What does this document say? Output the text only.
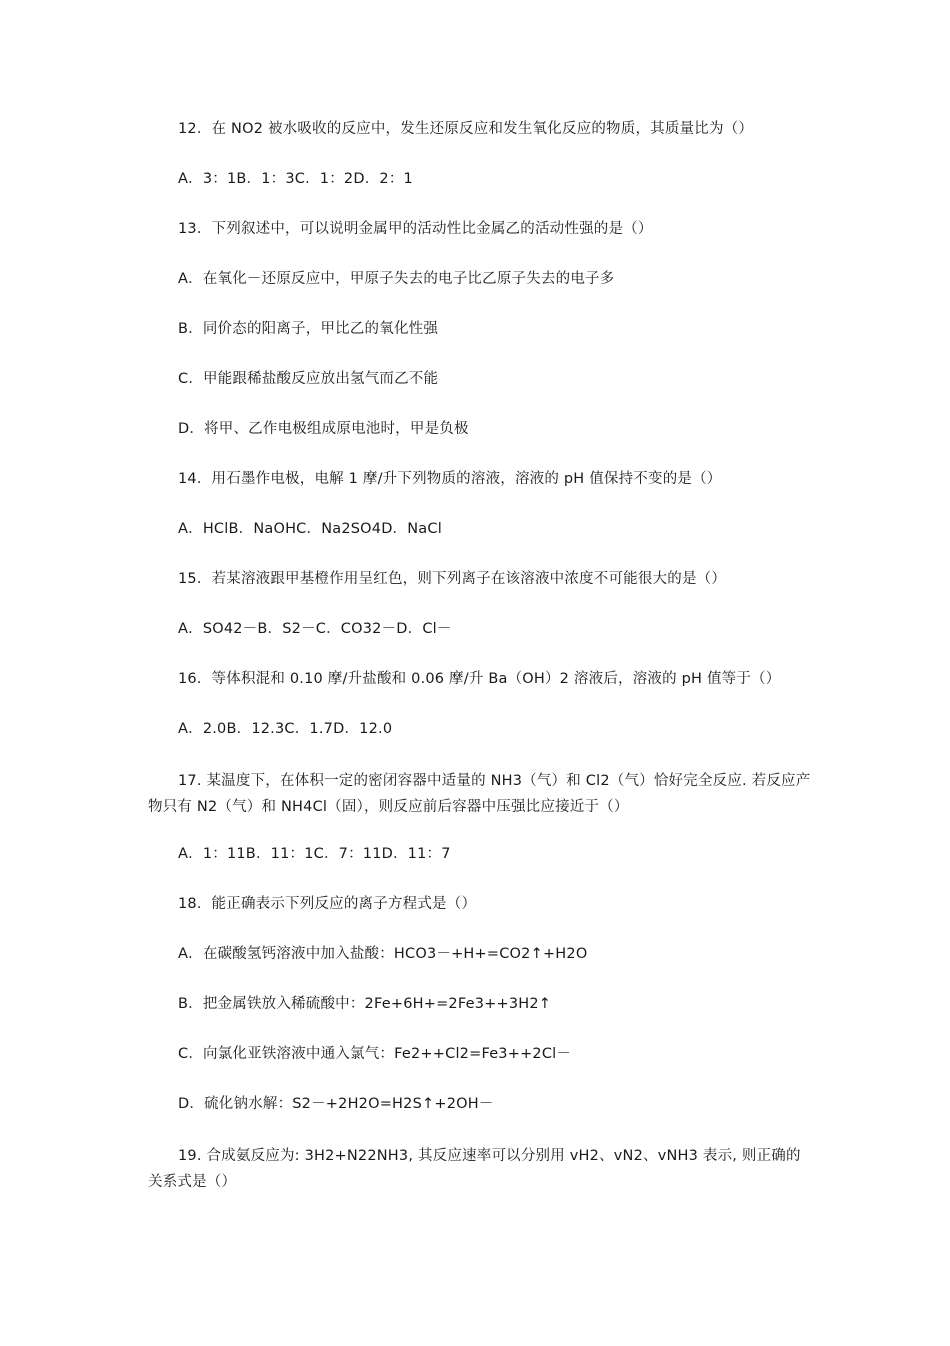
12．在 NO2 被水吸收的反应中，发生还原反应和发生氧化反应的物质，其质量比为（）
A．3：1B．1：3C．1：2D．2：1
13．下列叙述中，可以说明金属甲的活动性比金属乙的活动性强的是（）
A．在氧化－还原反应中，甲原子失去的电子比乙原子失去的电子多
B．同价态的阳离子，甲比乙的氧化性强
C．甲能跟稀盐酸反应放出氢气而乙不能
D．将甲、乙作电极组成原电池时，甲是负极
14．用石墨作电极，电解 1 摩/升下列物质的溶液，溶液的 pH 值保持不变的是（）
A．HClB．NaOHC．Na2SO4D．NaCl
15．若某溶液跟甲基橙作用呈红色，则下列离子在该溶液中浓度不可能很大的是（）
A．SO42－B．S2－C．CO32－D．Cl－
16．等体积混和 0.10 摩/升盐酸和 0.06 摩/升 Ba（OH）2 溶液后，溶液的 pH 值等于（）
A．2.0B．12.3C．1.7D．12.0
17. 某温度下，在体积一定的密闭容器中适量的 NH3（气）和 Cl2（气）恰好完全反应. 若反应产物只有 N2（气）和 NH4Cl（固），则反应前后容器中压强比应接近于（）
A．1：11B．11：1C．7：11D．11：7
18．能正确表示下列反应的离子方程式是（）
A．在碳酸氢钙溶液中加入盐酸：HCO3－+H+=CO2↑+H2O
B．把金属铁放入稀硫酸中：2Fe+6H+=2Fe3++3H2↑
C．向氯化亚铁溶液中通入氯气：Fe2++Cl2=Fe3++2Cl－
D．硫化钠水解：S2－+2H2O=H2S↑+2OH－
19. 合成氨反应为: 3H2+N22NH3, 其反应速率可以分别用 vH2、vN2、vNH3 表示, 则正确的关系式是（）
